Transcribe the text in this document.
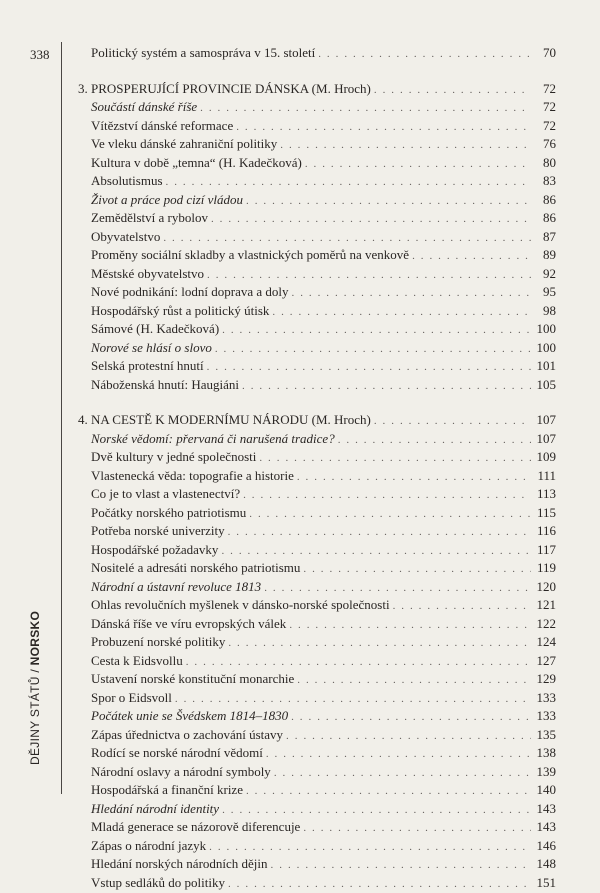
338
DĚJINY STÁTŮ / NORSKO
Politický systém a samospráva v 15. století . . .	70
3. PROSPERUJÍCÍ PROVINCIE DÁNSKA (M. Hroch) . . .	72
Součástí dánské říše . . .	72
Vítězství dánské reformace . . .	72
Ve vleku dánské zahraniční politiky . . .	76
Kultura v době „temna“ (H. Kadečková) . . .	80
Absolutismus . . .	83
Život a práce pod cizí vládou . . .	86
Zemědělství a rybolov . . .	86
Obyvatelstvo . . .	87
Proměny sociální skladby a vlastnických poměrů na venkově . . .	89
Městské obyvatelstvo . . .	92
Nové podnikání: lodní doprava a doly . . .	95
Hospodářský růst a politický útisk . . .	98
Sámové (H. Kadečková) . . .	100
Norové se hlásí o slovo . . .	100
Selská protestní hnutí . . .	101
Náboženská hnutí: Haugiáni . . .	105
4. NA CESTĚ K MODERNÍMU NÁRODU (M. Hroch) . . .	107
Norské vědomí: přervaná či narušená tradice? . . .	107
Dvě kultury v jedné společnosti . . .	109
Vlastenecká věda: topografie a historie . . .	111
Co je to vlast a vlastenectví? . . .	113
Počátky norského patriotismu . . .	115
Potřeba norské univerzity . . .	116
Hospodářské požadavky . . .	117
Nositelé a adresáti norského patriotismu . . .	119
Národní a ústavní revoluce 1813 . . .	120
Ohlas revolučních myšlenek v dánsko-norské společnosti . . .	121
Dánská říše ve víru evropských válek . . .	122
Probuzení norské politiky . . .	124
Cesta k Eidsvollu . . .	127
Ustavení norské konstituční monarchie . . .	129
Spor o Eidsvoll . . .	133
Počátek unie se Švédskem 1814–1830 . . .	133
Zápas úřednictva o zachování ústavy . . .	135
Rodící se norské národní vědomí . . .	138
Národní oslavy a národní symboly . . .	139
Hospodářská a finanční krize . . .	140
Hledání národní identity . . .	143
Mladá generace se názorově diferencuje . . .	143
Zápas o národní jazyk . . .	146
Hledání norských národních dějin . . .	148
Vstup sedláků do politiky . . .	151
